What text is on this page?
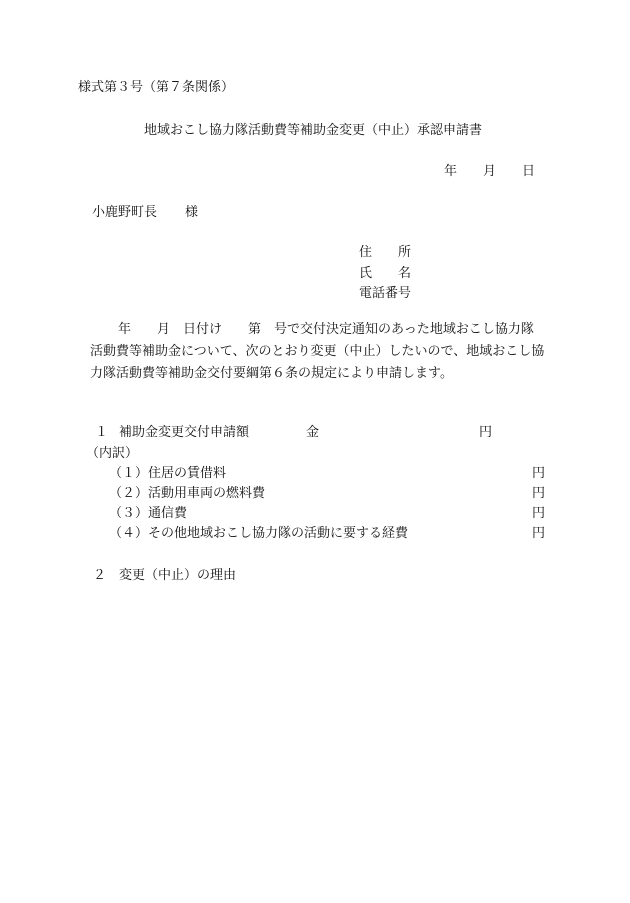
様式第３号（第７条関係）
地域おこし協力隊活動費等補助金変更（中止）承認申請書
年 月 日
小鹿野町長 様
住 所
氏 名
電話番号
年　　月　日付け　　第　号で交付決定通知のあった地域おこし協力隊
活動費等補助金について、次のとおり変更（中止）したいので、地域おこし協
力隊活動費等補助金交付要綱第６条の規定により申請します。
１ 補助金変更交付申請額	金	円
（内訳）
（１）住居の賃借料	円
（２）活動用車両の燃料費	円
（３）通信費	円
（４）その他地域おこし協力隊の活動に要する経費	円
２ 変更（中止）の理由
